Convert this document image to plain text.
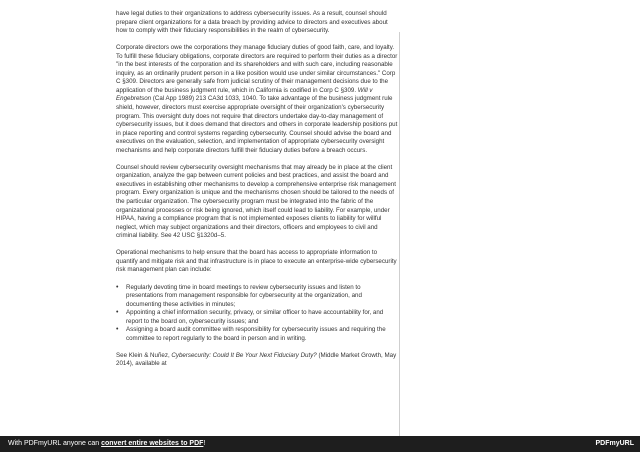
have legal duties to their organizations to address cybersecurity issues. As a result, counsel should prepare client organizations for a data breach by providing advice to directors and executives about how to comply with their fiduciary responsibilities in the realm of cybersecurity.

Corporate directors owe the corporations they manage fiduciary duties of good faith, care, and loyalty. To fulfill these fiduciary obligations, corporate directors are required to perform their duties as a director "in the best interests of the corporation and its shareholders and with such care, including reasonable inquiry, as an ordinarily prudent person in a like position would use under similar circumstances." Corp C §309. Directors are generally safe from judicial scrutiny of their management decisions due to the application of the business judgment rule, which in California is codified in Corp C §309. Will v Engebretson (Cal App 1989) 213 CA3d 1033, 1040. To take advantage of the business judgment rule shield, however, directors must exercise appropriate oversight of their organization's cybersecurity program. This oversight duty does not require that directors undertake day-to-day management of cybersecurity issues, but it does demand that directors and others in corporate leadership positions put in place reporting and control systems regarding cybersecurity. Counsel should advise the board and executives on the evaluation, selection, and implementation of appropriate cybersecurity oversight mechanisms and help corporate directors fulfill their fiduciary duties before a breach occurs.

Counsel should review cybersecurity oversight mechanisms that may already be in place at the client organization, analyze the gap between current policies and best practices, and assist the board and executives in establishing other mechanisms to develop a comprehensive enterprise risk management program. Every organization is unique and the mechanisms chosen should be tailored to the needs of the particular organization. The cybersecurity program must be integrated into the fabric of the organizational processes or risk being ignored, which itself could lead to liability. For example, under HIPAA, having a compliance program that is not implemented exposes clients to liability for willful neglect, which may subject organizations and their directors, officers and employees to civil and criminal liability. See 42 USC §1320d–5.

Operational mechanisms to help ensure that the board has access to appropriate information to quantify and mitigate risk and that infrastructure is in place to execute an enterprise-wide cybersecurity risk management plan can include:

• Regularly devoting time in board meetings to review cybersecurity issues and listen to presentations from management responsible for cybersecurity at the organization, and documenting these activities in minutes;
• Appointing a chief information security, privacy, or similar officer to have accountability for, and report to the board on, cybersecurity issues; and
• Assigning a board audit committee with responsibility for cybersecurity issues and requiring the committee to report regularly to the board in person and in writing.

See Klein & Nuñez, Cybersecurity: Could It Be Your Next Fiduciary Duty? (Middle Market Growth, May 2014), available at

With PDFmyURL anyone can convert entire websites to PDF!	PDFmyURL
